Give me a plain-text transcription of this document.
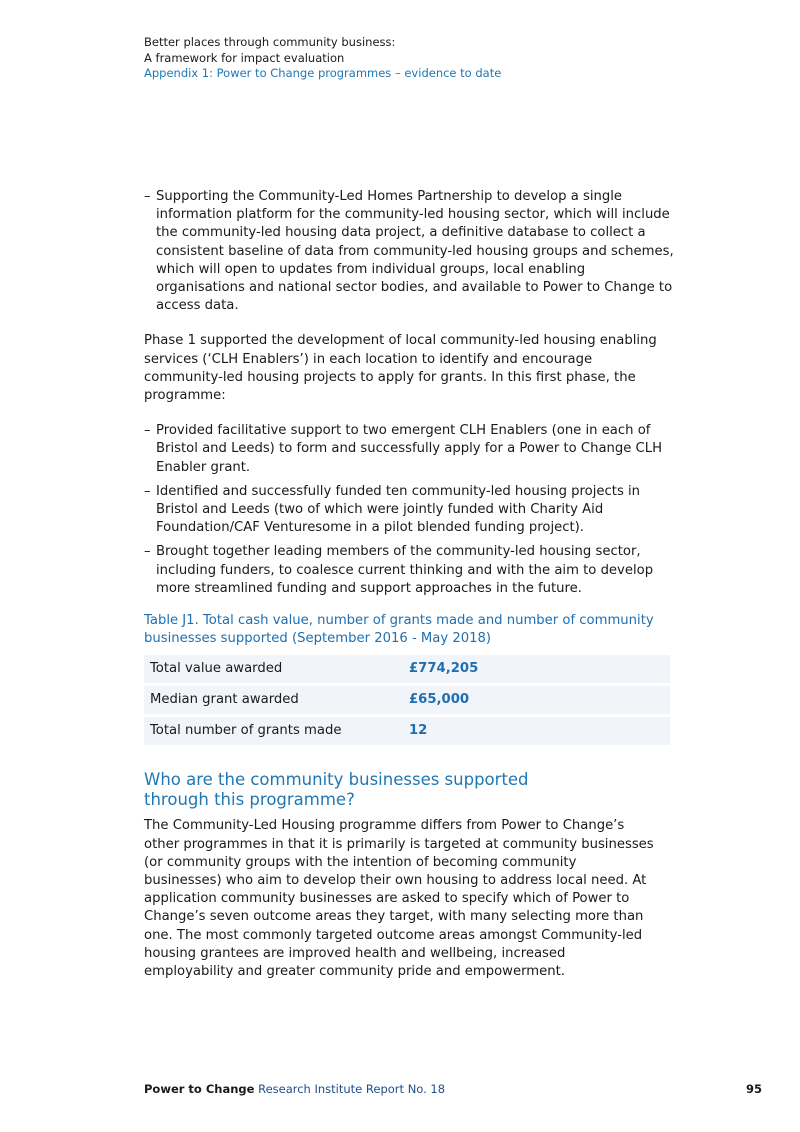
Better places through community business:
A framework for impact evaluation
Appendix 1: Power to Change programmes – evidence to date
– Supporting the Community-Led Homes Partnership to develop a single information platform for the community-led housing sector, which will include the community-led housing data project, a definitive database to collect a consistent baseline of data from community-led housing groups and schemes, which will open to updates from individual groups, local enabling organisations and national sector bodies, and available to Power to Change to access data.

Phase 1 supported the development of local community-led housing enabling services (‘CLH Enablers’) in each location to identify and encourage community-led housing projects to apply for grants. In this first phase, the programme:

– Provided facilitative support to two emergent CLH Enablers (one in each of Bristol and Leeds) to form and successfully apply for a Power to Change CLH Enabler grant.
– Identified and successfully funded ten community-led housing projects in Bristol and Leeds (two of which were jointly funded with Charity Aid Foundation/CAF Venturesome in a pilot blended funding project).
– Brought together leading members of the community-led housing sector, including funders, to coalesce current thinking and with the aim to develop more streamlined funding and support approaches in the future.

Table J1. Total cash value, number of grants made and number of community businesses supported (September 2016 - May 2018)

Total value awarded	£774,205
Median grant awarded	£65,000
Total number of grants made	12

Who are the community businesses supported through this programme?

The Community-Led Housing programme differs from Power to Change’s other programmes in that it is primarily is targeted at community businesses (or community groups with the intention of becoming community businesses) who aim to develop their own housing to address local need. At application community businesses are asked to specify which of Power to Change’s seven outcome areas they target, with many selecting more than one. The most commonly targeted outcome areas amongst Community-led housing grantees are improved health and wellbeing, increased employability and greater community pride and empowerment.

Power to Change Research Institute Report No. 18	95
